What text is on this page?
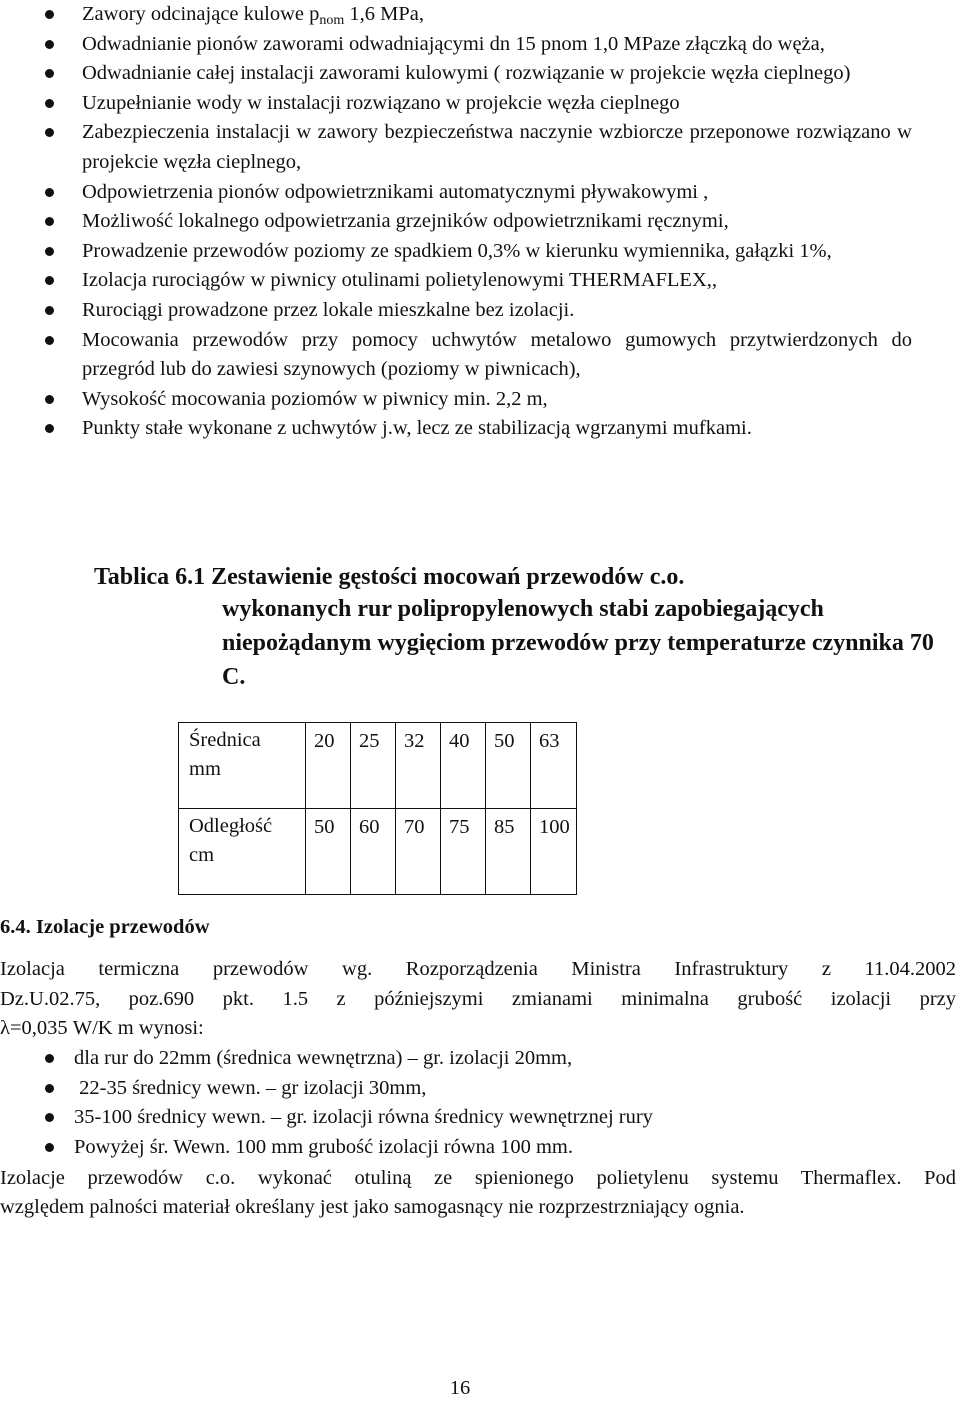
Zawory odcinające kulowe $p_{nom}$ 1,6 MPa,
Odwadnianie pionów zaworami odwadniającymi dn 15 pnom 1,0 MPaze złączką do węża,
Odwadnianie całej instalacji zaworami kulowymi ( rozwiązanie w projekcie węzła cieplnego)
Uzupełnianie wody w instalacji rozwiązano w projekcie węzła cieplnego
Zabezpieczenia instalacji w zawory bezpieczeństwa naczynie wzbiorcze przeponowe rozwiązano w projekcie węzła cieplnego,
Odpowietrzenia pionów odpowietrznikami automatycznymi pływakowymi ,
Możliwość lokalnego odpowietrzania grzejników odpowietrznikami ręcznymi,
Prowadzenie przewodów poziomy ze spadkiem 0,3% w kierunku wymiennika, gałązki 1%,
Izolacja rurociągów w piwnicy otulinami polietylenowymi THERMAFLEX,,
Rurociągi prowadzone przez lokale mieszkalne bez izolacji.
Mocowania przewodów przy pomocy uchwytów metalowo gumowych przytwierdzonych do przegród lub do zawiesi szynowych (poziomy w piwnicach),
Wysokość mocowania poziomów w piwnicy min. 2,2 m,
Punkty stałe wykonane z uchwytów j.w, lecz ze stabilizacją wgrzanymi mufkami.
Tablica 6.1 Zestawienie gęstości mocowań przewodów c.o.
wykonanych rur polipropylenowych stabi zapobiegających niepożądanym wygięciom przewodów przy temperaturze czynnika 70 C.
Średnica mm	20	25	32	40	50	63
Odległość cm	50	60	70	75	85	100
6.4. Izolacje przewodów
Izolacja termiczna przewodów wg. Rozporządzenia Ministra Infrastruktury z 11.04.2002
Dz.U.02.75, poz.690 pkt. 1.5 z późniejszymi zmianami minimalna grubość izolacji przy
λ=0,035 W/K m wynosi:
dla rur do 22mm (średnica wewnętrzna) – gr. izolacji 20mm,
22-35 średnicy wewn. – gr izolacji 30mm,
35-100 średnicy wewn. – gr. izolacji równa średnicy wewnętrznej rury
Powyżej śr. Wewn. 100 mm grubość izolacji równa 100 mm.
Izolacje przewodów c.o. wykonać otuliną ze spienionego polietylenu systemu Thermaflex. Pod
względem palności materiał określany jest jako samogasnący nie rozprzestrzniający ognia.
16
